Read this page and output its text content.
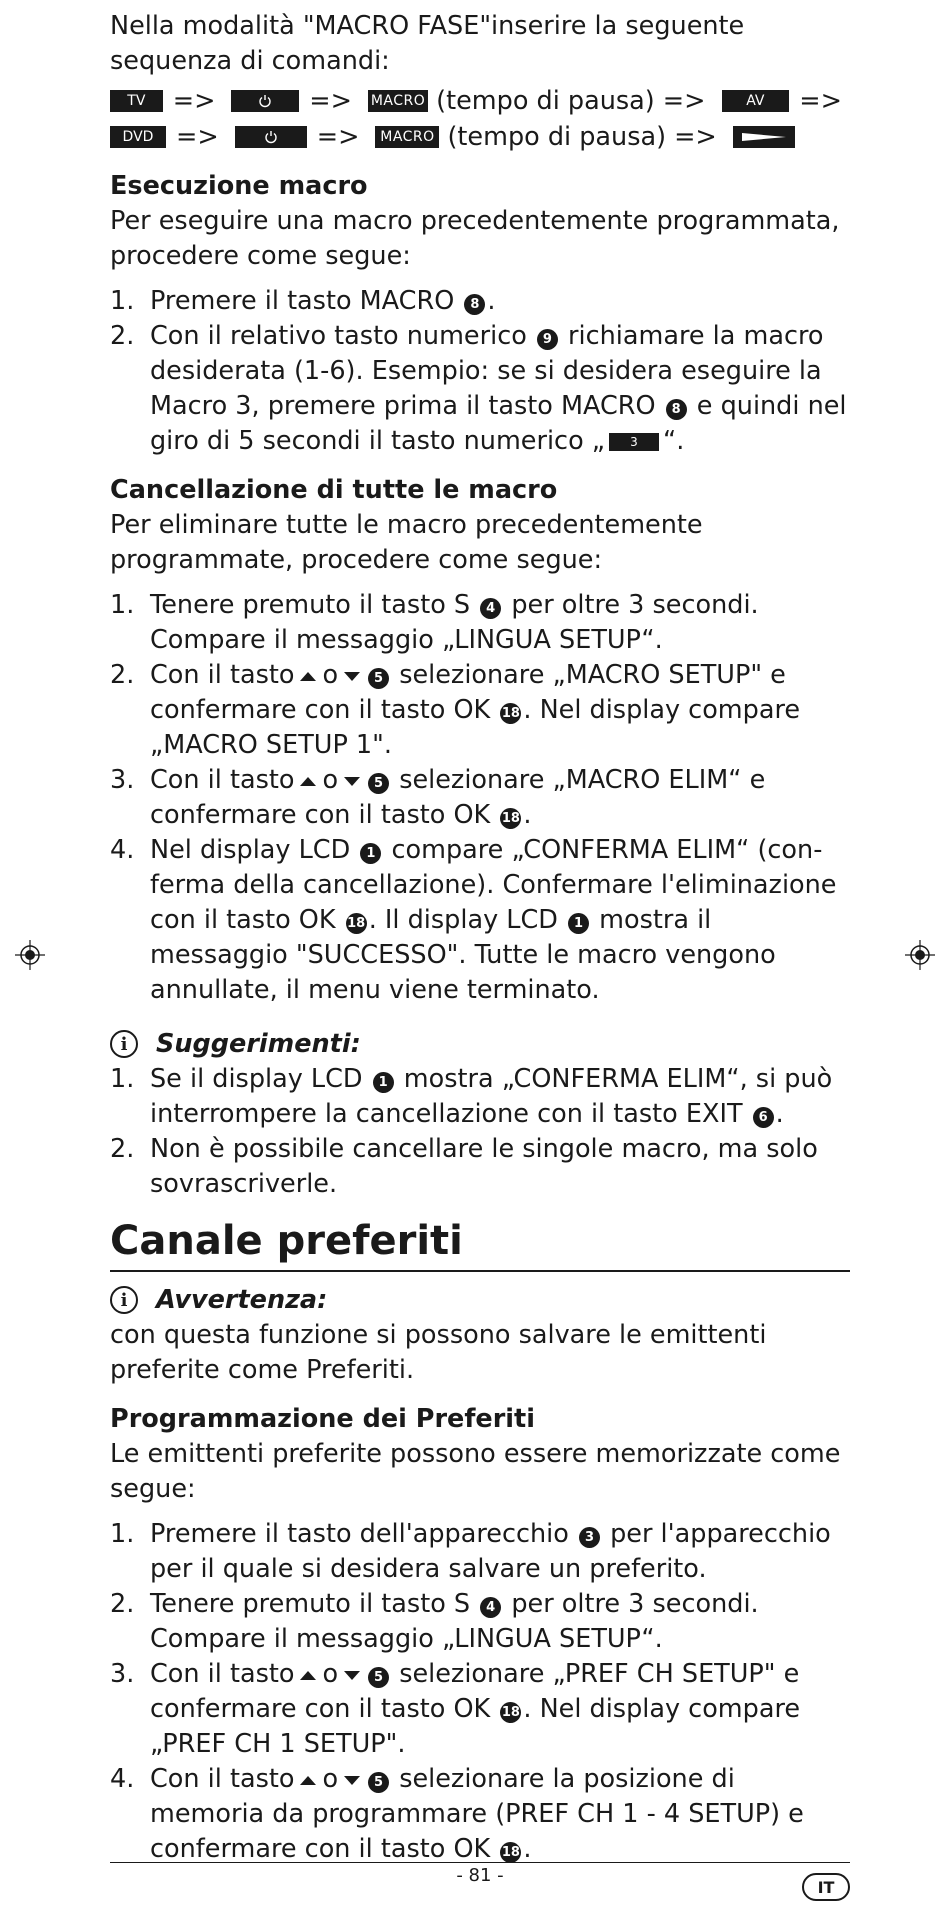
Nella modalità "MACRO FASE"inserire la seguente sequenza di comandi:

TV	=>	=> MACRO (tempo di pausa) =>	AV	=>
DVD =>	=>	MACRO (tempo di pausa) =>
Esecuzione macro

Per eseguire una macro precedentemente programmata, procedere come segue:

1. Premere il tasto MACRO 8 .
2. Con il relativo tasto numerico 9 richiamare la macro desiderata (1-6). Esempio: se si desidera eseguire la Macro 3, premere prima il tasto MACRO 8 e quindi nel giro di 5 secondi il tasto numerico „ 3 “.
Cancellazione di tutte le macro

Per eliminare tutte le macro precedentemente programmate, procedere come segue:

1. Tenere premuto il tasto S 4 per oltre 3 secondi. Compare il messaggio „LINGUA SETUP“.
2. Con il tasto o	5 selezionare „MACRO SETUP" e confermare con il tasto OK 18 . Nel display compare „MACRO SETUP 1".
3. Con il tasto o	5 selezionare „MACRO ELIM“ e confermare con il tasto OK 18 .
4. Nel display LCD 1 compare „CONFERMA ELIM“ (conferma della cancellazione). Confermare l'eliminazione con il tasto OK 18 . Il display LCD 1 mostra il messaggio "SUCCESSO". Tutte le macro vengono annullate, il menu viene terminato.
i	Suggerimenti:
1. Se il display LCD 1 mostra „CONFERMA ELIM“, si può interrompere la cancellazione con il tasto EXIT 6 .
2. Non è possibile cancellare le singole macro, ma solo sovrascriverle.
Canale preferiti
i	Avvertenza:

con questa funzione si possono salvare le emittenti preferite come Preferiti.

Programmazione dei Preferiti

Le emittenti preferite possono essere memorizzate come segue:

1. Premere il tasto dell'apparecchio 3 per l'apparecchio per il quale si desidera salvare un preferito.
2. Tenere premuto il tasto S 4 per oltre 3 secondi. Compare il messaggio „LINGUA SETUP“.
3. Con il tasto o	5 selezionare „PREF CH SETUP" e confermare con il tasto OK 18 . Nel display compare „PREF CH 1 SETUP".
4. Con il tasto o	5 selezionare la posizione di memoria da programmare (PREF CH 1 - 4 SETUP) e confermare con il tasto OK 18 .
- 81 -
IT
